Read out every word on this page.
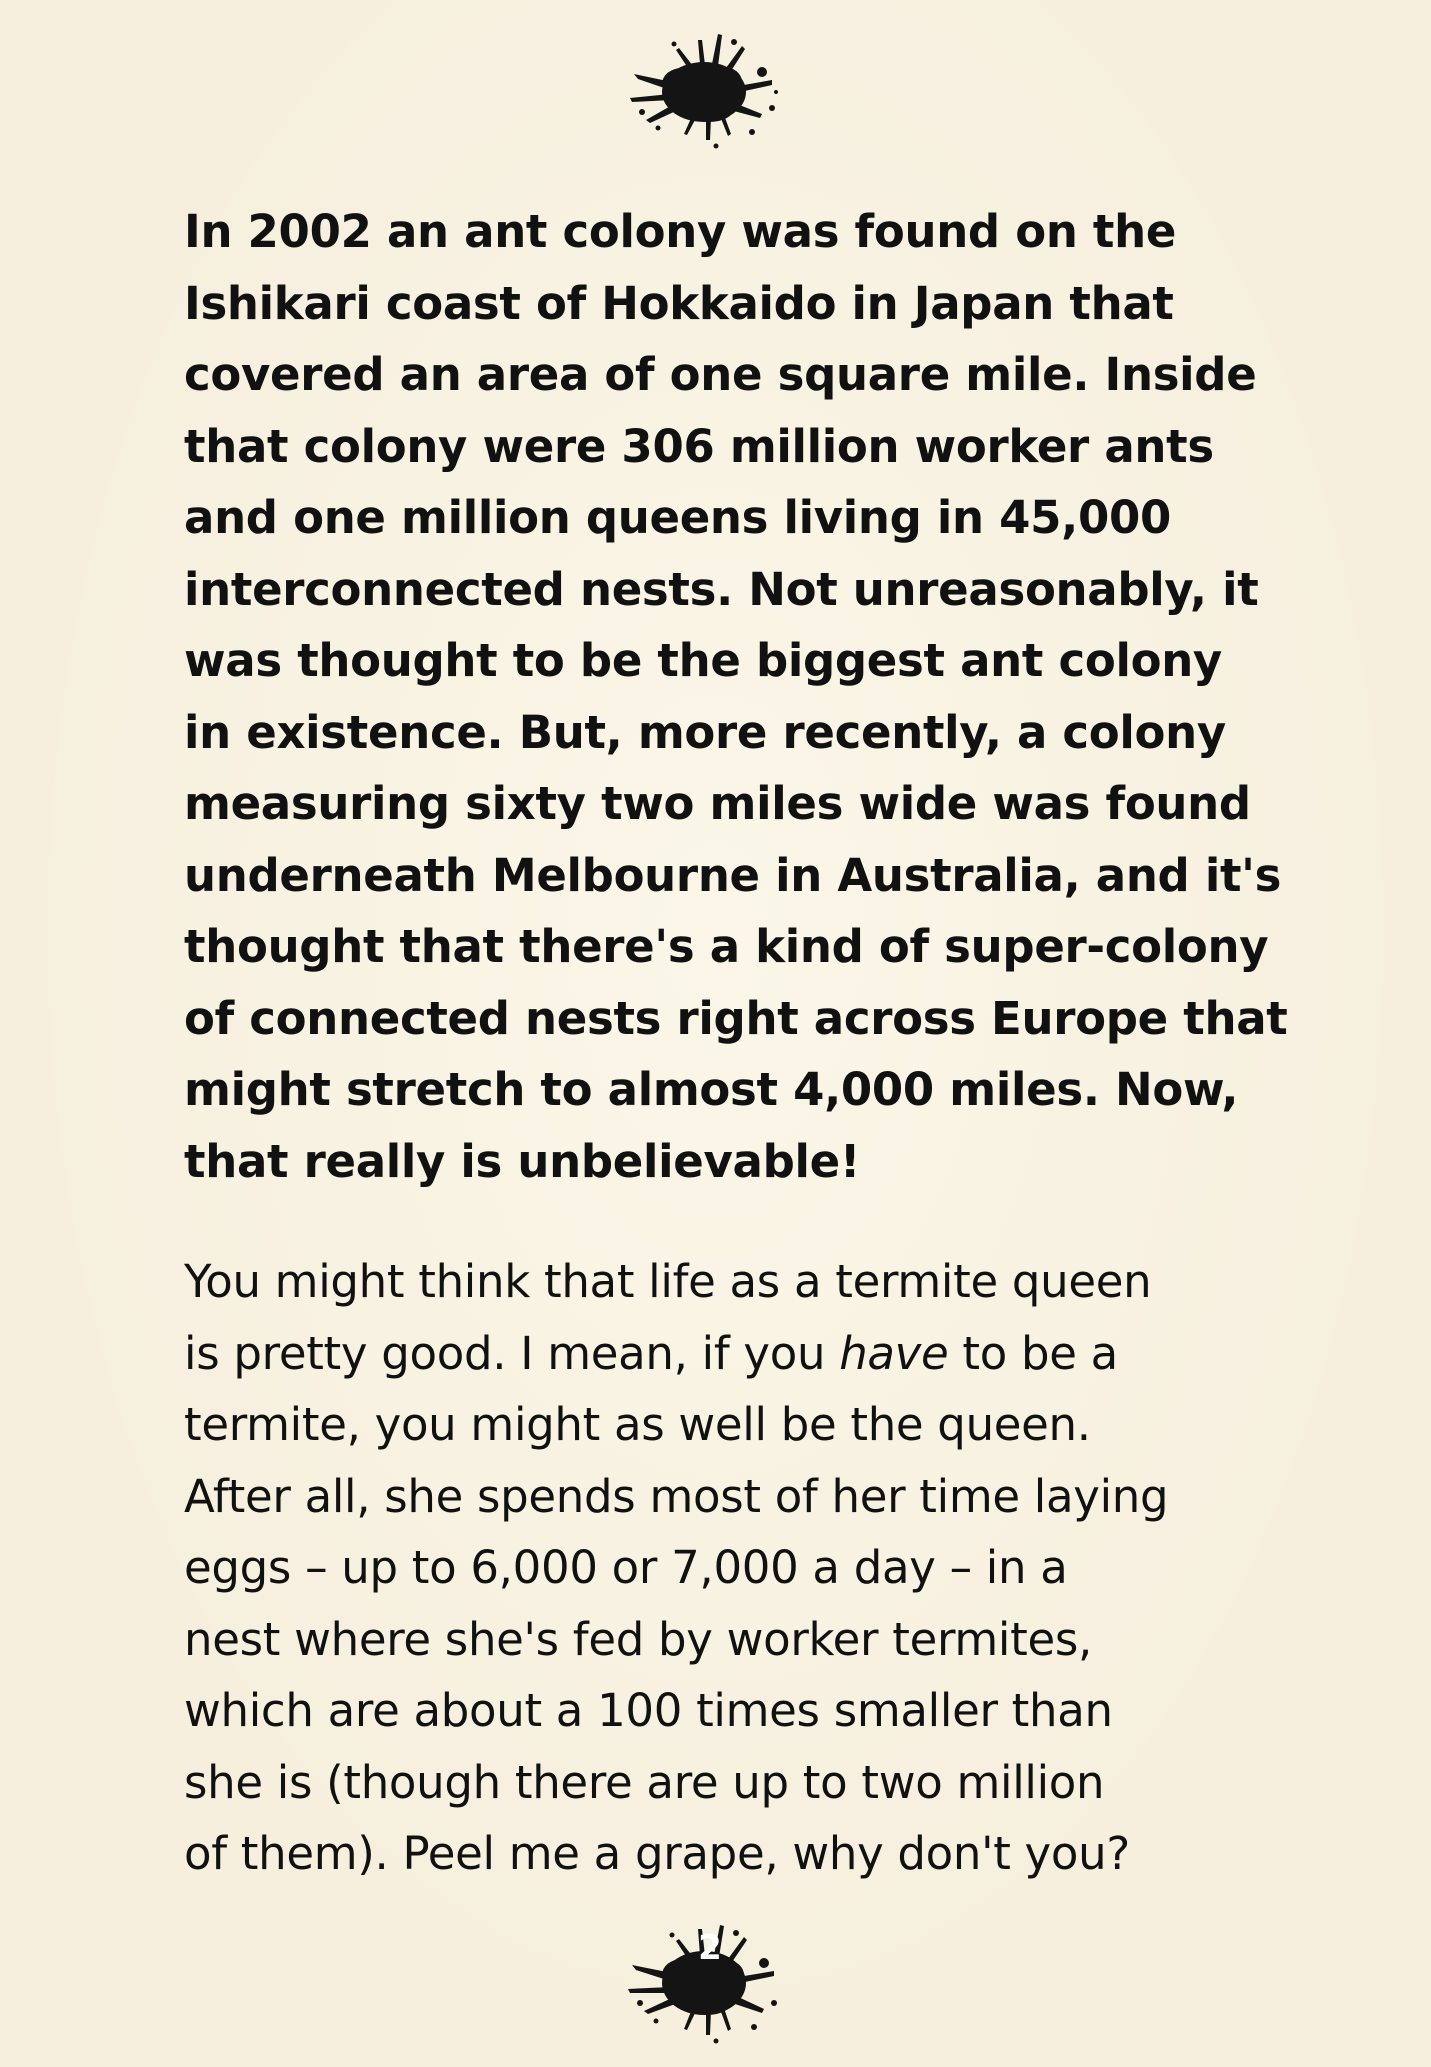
In 2002 an ant colony was found on the
Ishikari coast of Hokkaido in Japan that
covered an area of one square mile. Inside
that colony were 306 million worker ants
and one million queens living in 45,000
interconnected nests. Not unreasonably, it
was thought to be the biggest ant colony
in existence. But, more recently, a colony
measuring sixty two miles wide was found
underneath Melbourne in Australia, and it's
thought that there's a kind of super-colony
of connected nests right across Europe that
might stretch to almost 4,000 miles. Now,
that really is unbelievable!
You might think that life as a termite queen
is pretty good. I mean, if you have to be a
termite, you might as well be the queen.
After all, she spends most of her time laying
eggs – up to 6,000 or 7,000 a day – in a
nest where she's fed by worker termites,
which are about a 100 times smaller than
she is (though there are up to two million
of them). Peel me a grape, why don't you?
2
